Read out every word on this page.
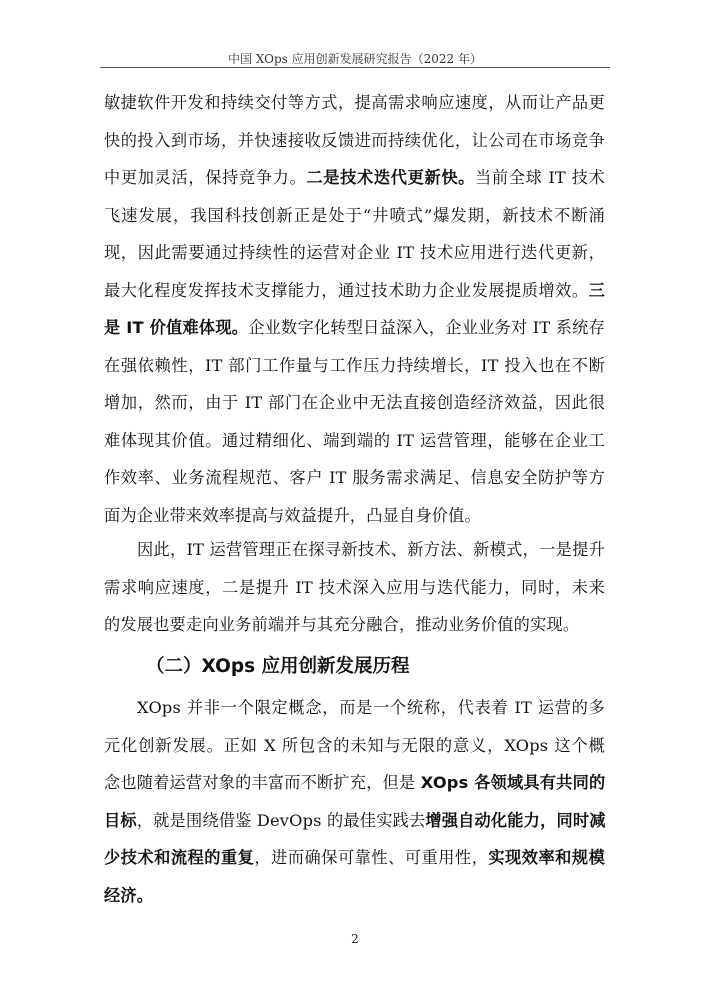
中国 XOps 应用创新发展研究报告（2022 年）
敏捷软件开发和持续交付等方式，提高需求响应速度，从而让产品更
快的投入到市场，并快速接收反馈进而持续优化，让公司在市场竞争
中更加灵活，保持竞争力。二是技术迭代更新快。当前全球 IT 技术
飞速发展，我国科技创新正是处于“井喷式”爆发期，新技术不断涌
现，因此需要通过持续性的运营对企业 IT 技术应用进行迭代更新，
最大化程度发挥技术支撑能力，通过技术助力企业发展提质增效。三
是 IT 价值难体现。企业数字化转型日益深入，企业业务对 IT 系统存
在强依赖性，IT 部门工作量与工作压力持续增长，IT 投入也在不断
增加，然而，由于 IT 部门在企业中无法直接创造经济效益，因此很
难体现其价值。通过精细化、端到端的 IT 运营管理，能够在企业工
作效率、业务流程规范、客户 IT 服务需求满足、信息安全防护等方
面为企业带来效率提高与效益提升，凸显自身价值。
因此，IT 运营管理正在探寻新技术、新方法、新模式，一是提升
需求响应速度，二是提升 IT 技术深入应用与迭代能力，同时，未来
的发展也要走向业务前端并与其充分融合，推动业务价值的实现。
（二）XOps 应用创新发展历程
XOps 并非一个限定概念，而是一个统称，代表着 IT 运营的多
元化创新发展。正如 X 所包含的未知与无限的意义，XOps 这个概
念也随着运营对象的丰富而不断扩充，但是 XOps 各领域具有共同的
目标，就是围绕借鉴 DevOps 的最佳实践去增强自动化能力，同时减
少技术和流程的重复，进而确保可靠性、可重用性，实现效率和规模
经济。
2
